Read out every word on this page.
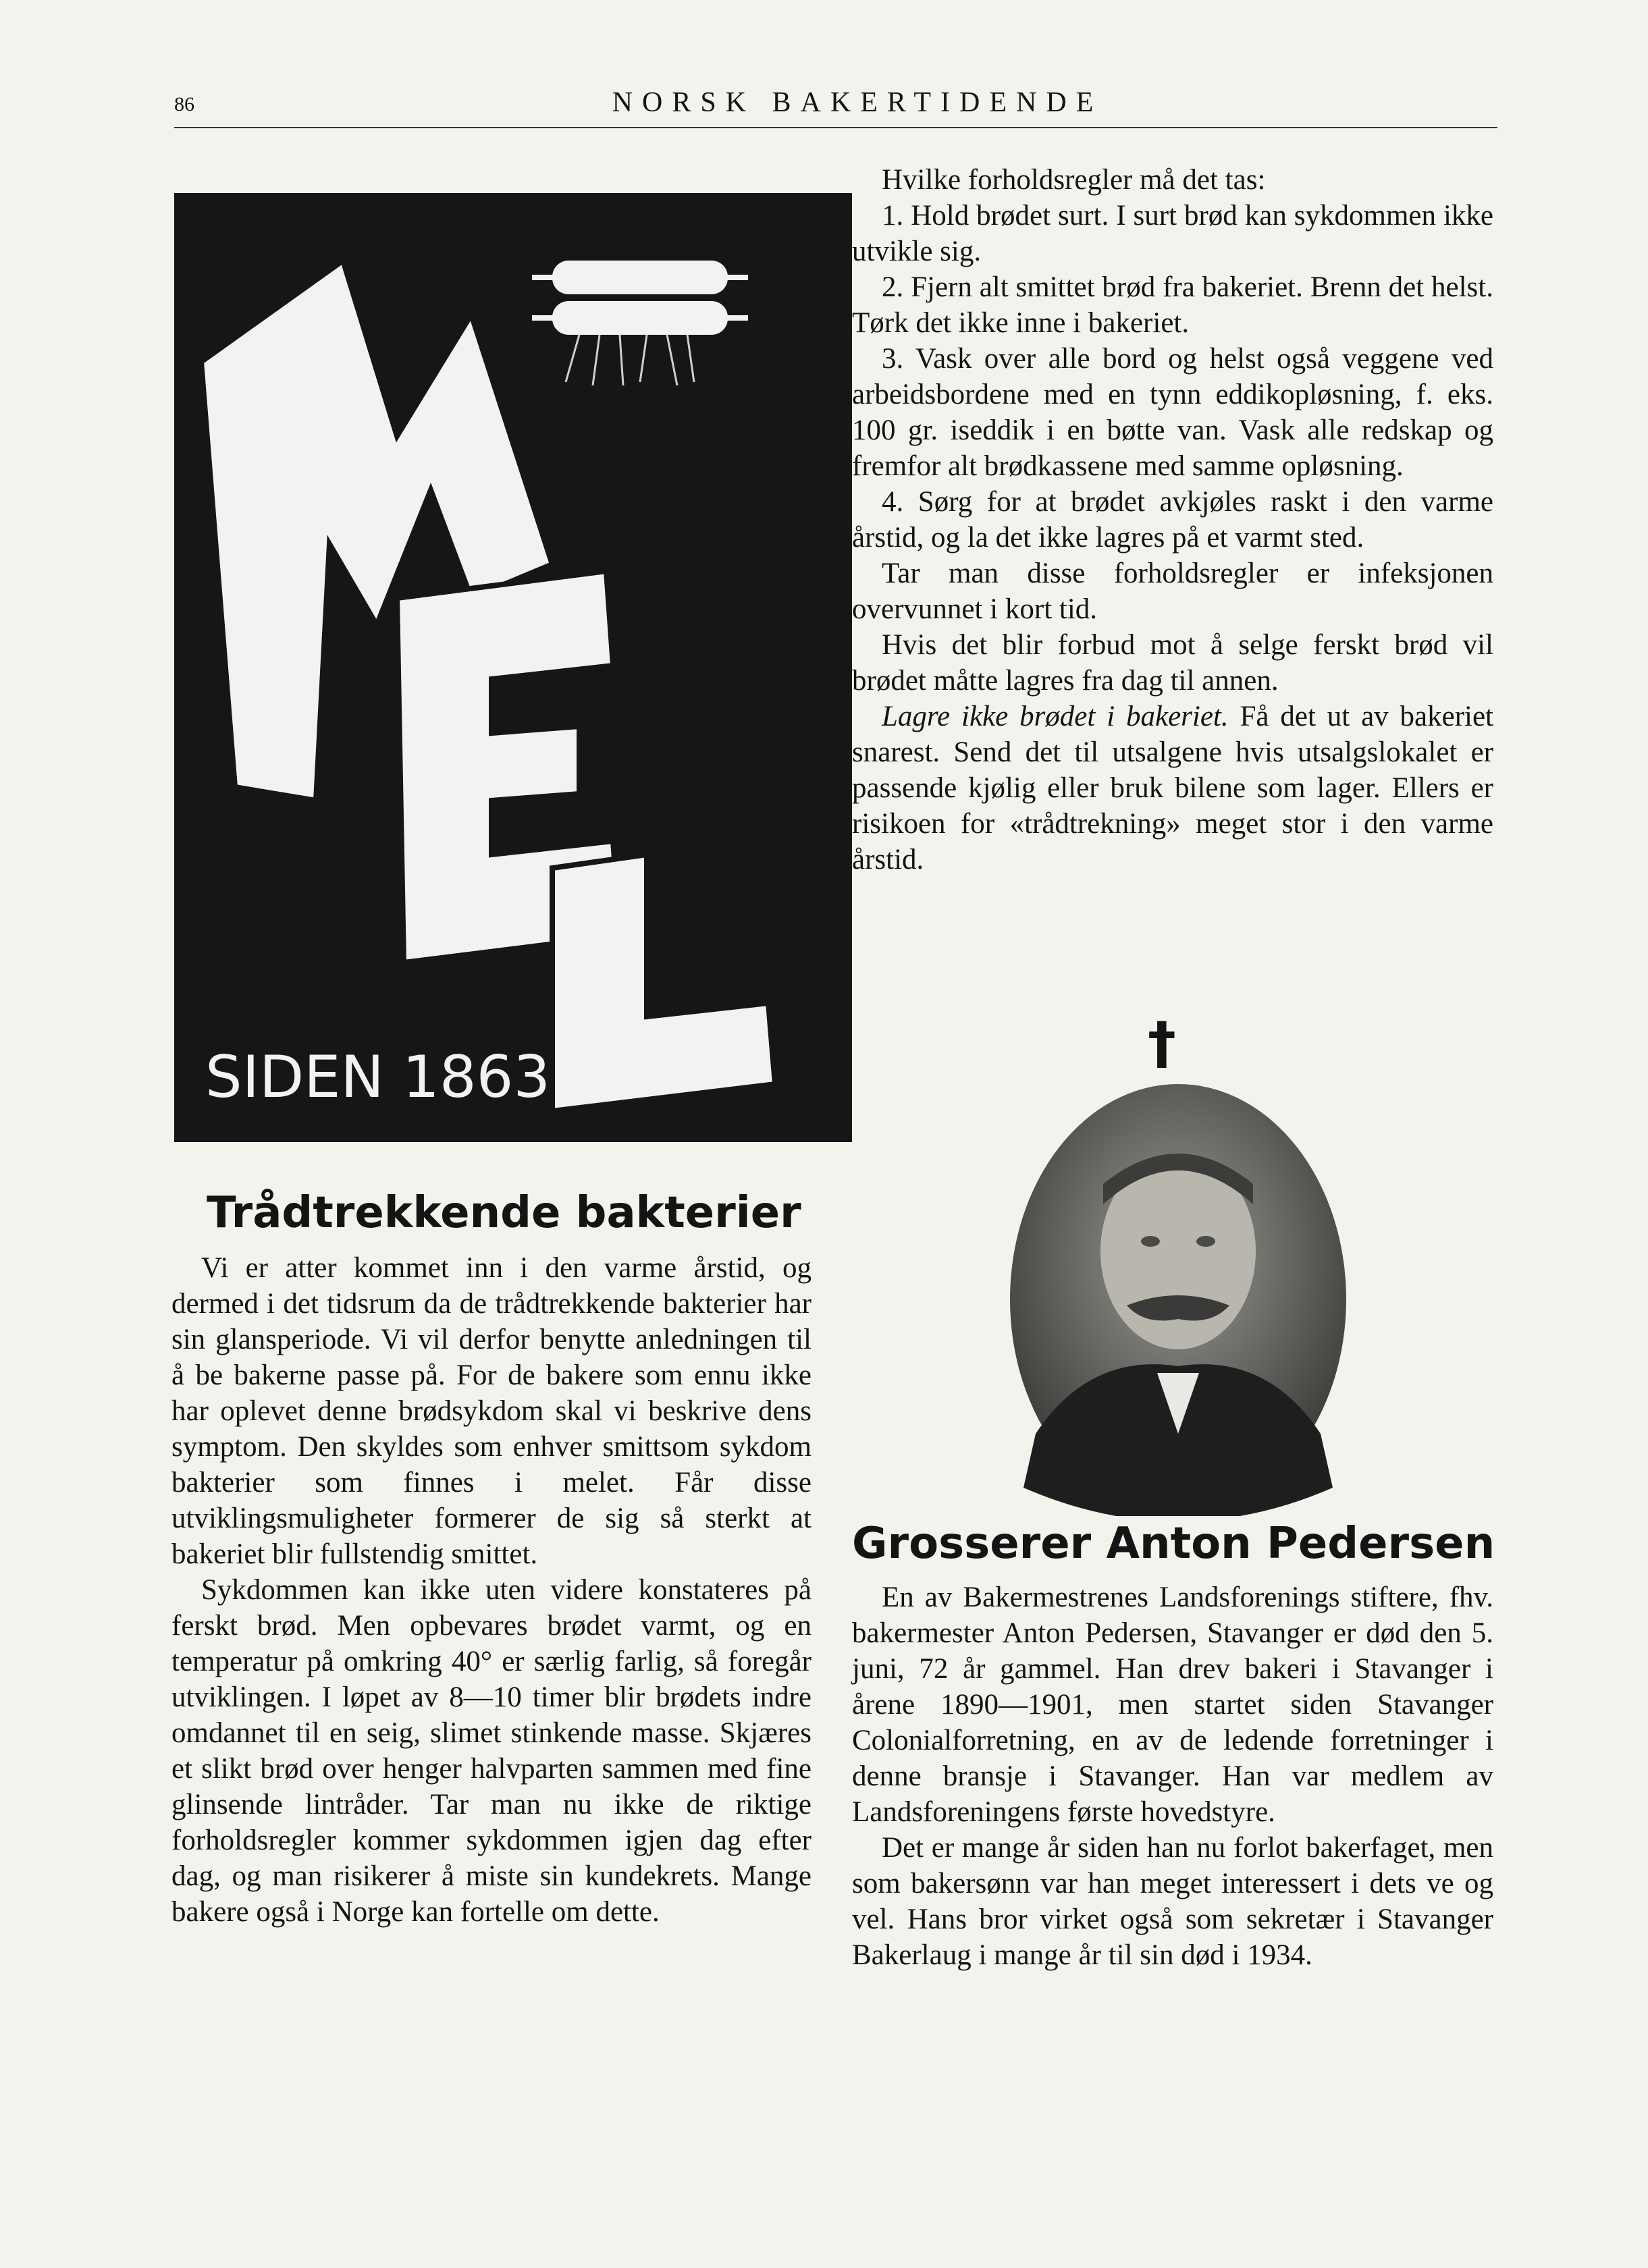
86	NORSK BAKERTIDENDE
SIDEN 1863
Trådtrekkende bakterier

Vi er atter kommet inn i den varme årstid, og dermed i det tidsrum da de trådtrekkende bakterier har sin glansperiode. Vi vil derfor benytte anledningen til å be bakerne passe på. For de bakere som ennu ikke har oplevet denne brødsykdom skal vi beskrive dens symptom. Den skyldes som enhver smittsom sykdom bakterier som finnes i melet. Får disse utviklingsmuligheter formerer de sig så sterkt at bakeriet blir fullstendig smittet.

Sykdommen kan ikke uten videre konstateres på ferskt brød. Men opbevares brødet varmt, og en temperatur på omkring 40° er særlig farlig, så foregår utviklingen. I løpet av 8—10 timer blir brødets indre omdannet til en seig, slimet stinkende masse. Skjæres et slikt brød over henger halvparten sammen med fine glinsende lintråder. Tar man nu ikke de riktige forholdsregler kommer sykdommen igjen dag efter dag, og man risikerer å miste sin kundekrets. Mange bakere også i Norge kan fortelle om dette.

Hvilke forholdsregler må det tas:

1. Hold brødet surt. I surt brød kan sykdommen ikke utvikle sig.

2. Fjern alt smittet brød fra bakeriet. Brenn det helst. Tørk det ikke inne i bakeriet.

3. Vask over alle bord og helst også veggene ved arbeidsbordene med en tynn eddikopløsning, f. eks. 100 gr. iseddik i en bøtte van. Vask alle redskap og fremfor alt brødkassene med samme opløsning.

4. Sørg for at brødet avkjøles raskt i den varme årstid, og la det ikke lagres på et varmt sted.

Tar man disse forholdsregler er infeksjonen overvunnet i kort tid.

Hvis det blir forbud mot å selge ferskt brød vil brødet måtte lagres fra dag til annen.

Lagre ikke brødet i bakeriet. Få det ut av bakeriet snarest. Send det til utsalgene hvis utsalgslokalet er passende kjølig eller bruk bilene som lager. Ellers er risikoen for «trådtrekning» meget stor i den varme årstid.

†
Grosserer Anton Pedersen

En av Bakermestrenes Landsforenings stiftere, fhv. bakermester Anton Pedersen, Stavanger er død den 5. juni, 72 år gammel. Han drev bakeri i Stavanger i årene 1890—1901, men startet siden Stavanger Colonialforretning, en av de ledende forretninger i denne bransje i Stavanger. Han var medlem av Landsforeningens første hovedstyre.

Det er mange år siden han nu forlot bakerfaget, men som bakersønn var han meget interessert i dets ve og vel. Hans bror virket også som sekretær i Stavanger Bakerlaug i mange år til sin død i 1934.
